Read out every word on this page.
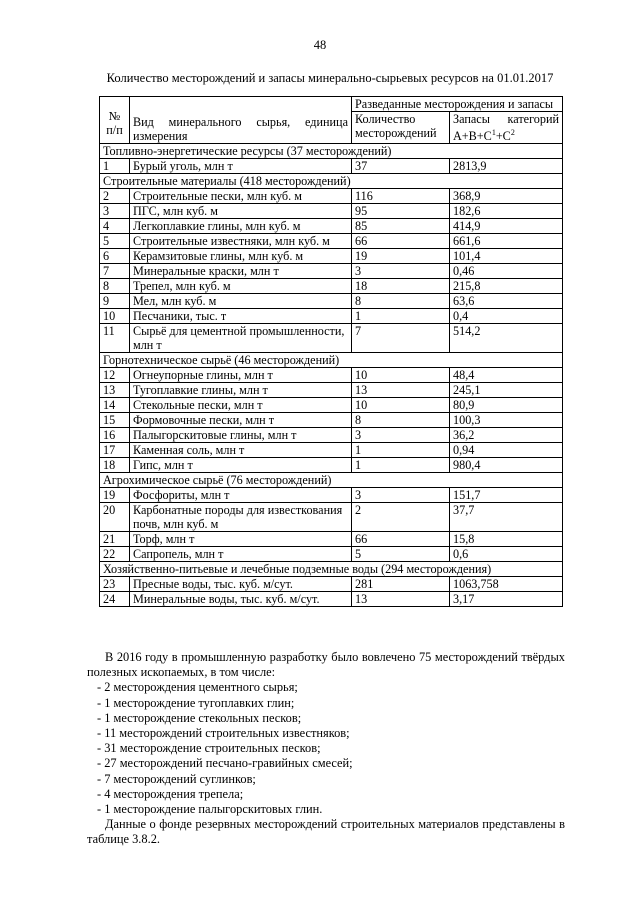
48
Количество месторождений и запасы минерально-сырьевых ресурсов на 01.01.2017
№ п/п	Вид минерального сырья, единица измерения	Разведанные месторождения и запасы	
		Количество месторождений	Запасы категорий $A+B+C^1+C^2$
Топливно-энергетические ресурсы (37 месторождений)			
1	Бурый уголь, млн т	37	2813,9
Строительные материалы (418 месторождений)			
2	Строительные пески, млн куб. м	116	368,9
3	ПГС, млн куб. м	95	182,6
4	Легкоплавкие глины, млн куб. м	85	414,9
5	Строительные известняки, млн куб. м	66	661,6
6	Керамзитовые глины, млн куб. м	19	101,4
7	Минеральные краски, млн т	3	0,46
8	Трепел, млн куб. м	18	215,8
9	Мел, млн куб. м	8	63,6
10	Песчаники, тыс. т	1	0,4
11	Сырьё для цементной промышленности, млн т	7	514,2
Горнотехническое сырьё (46 месторождений)			
12	Огнеупорные глины, млн т	10	48,4
13	Тугоплавкие глины, млн т	13	245,1
14	Стекольные пески, млн т	10	80,9
15	Формовочные пески, млн т	8	100,3
16	Палыгорскитовые глины, млн т	3	36,2
17	Каменная соль, млн т	1	0,94
18	Гипс, млн т	1	980,4
Агрохимическое сырьё (76 месторождений)			
19	Фосфориты, млн т	3	151,7
20	Карбонатные породы для известкования почв, млн куб. м	2	37,7
21	Торф, млн т	66	15,8
22	Сапропель, млн т	5	0,6
Хозяйственно-питьевые и лечебные подземные воды (294 месторождения)			
23	Пресные воды, тыс. куб. м/сут.	281	1063,758
24	Минеральные воды, тыс. куб. м/сут.	13	3,17

В 2016 году в промышленную разработку было вовлечено 75 месторождений твёрдых полезных ископаемых, в том числе:

- 2 месторождения цементного сырья;
- 1 месторождение тугоплавких глин;
- 1 месторождение стекольных песков;
- 11 месторождений строительных известняков;
- 31 месторождение строительных песков;
- 27 месторождений песчано-гравийных смесей;
- 7 месторождений суглинков;
- 4 месторождения трепела;
- 1 месторождение палыгорскитовых глин.

Данные о фонде резервных месторождений строительных материалов представлены в таблице 3.8.2.
